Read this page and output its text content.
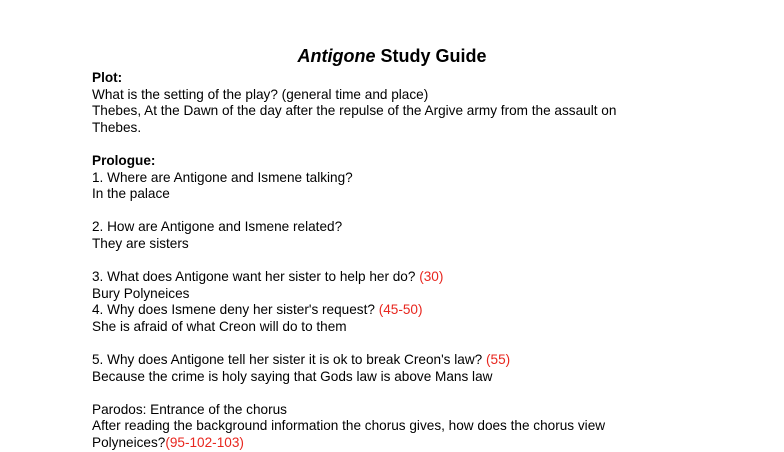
Antigone Study Guide
Plot:
What is the setting of the play? (general time and place)
Thebes, At the Dawn of the day after the repulse of the Argive army from the assault on
Thebes.
Prologue:
1. Where are Antigone and Ismene talking?
In the palace
2. How are Antigone and Ismene related?
They are sisters
3. What does Antigone want her sister to help her do? (30)
Bury Polyneices
4. Why does Ismene deny her sister's request? (45-50)
She is afraid of what Creon will do to them
5. Why does Antigone tell her sister it is ok to break Creon's law? (55)
Because the crime is holy saying that Gods law is above Mans law
Parodos: Entrance of the chorus
After reading the background information the chorus gives, how does the chorus view
Polyneices?(95-102-103)
